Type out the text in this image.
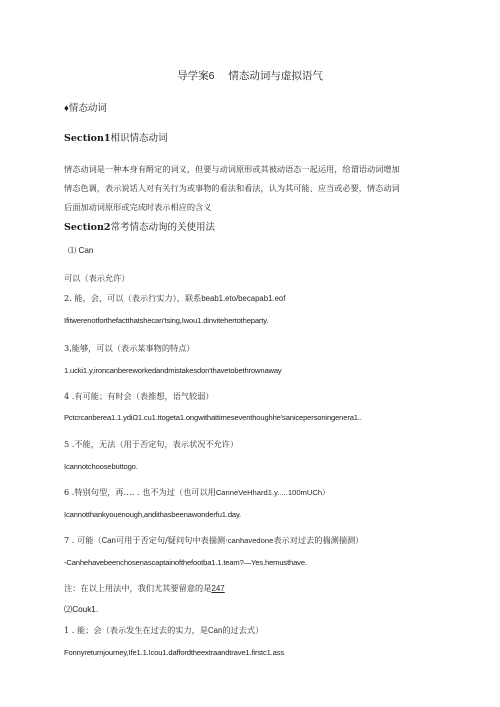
导学案6 情态动词与虚拟语气
♦情态动词
Section1相识情态动词
情态动词是一种本身有酹定的词义，但要与动词原形或其被动语态一起运用，给谓语动词增加
情态色调，表示说话人对有关行为或事物的看法和看法，认为其可能、应当或必要，情态动词
后面加动词原形或完成时表示相应的含义
Section2常考情态动询的关使用法
⑴ Can
可以（表示允许）
2. 能，会，可以（表示行实力），联系beab1.eto/becapab1.eof
Ifitwerenotforthefactthatshecan'tsing,Iwou1.dinvitehertotheparty.
3,能够，可以（表示某事物的特点）
1.ucki1.y,ironcanbereworkedandmistakesdon'thavetobethrownaway
4 .有可能；有时会（表推想，语气较弱）
Pctcrcanberea1.1.ydiΩ1.cu1.ttogeta1.ongwithattimeseventhoughhe'sanicepersoningenera1..
5 .不能，无法（用于否定句，表示状况不允许）
Icannotchoosebuttogo.
6 .特别句型，再…. . 也不为过（也可以用CanneVeHhard1.y.....100mUCh）
Icannotthankyouenough,andithasbeenawonderfu1.day.
7 . 可能（Can可用于否定句/疑问句中表揣测·canhavedone表示对过去的揣测揣测）
-Canhehavebeenchosenascaptainofthefootba1.1.team?—Yes.hemusthave.
注：在以上用法中，我们尤其要留意的是247
⑵Couk1.
1 . 能；会（表示发生在过去的实力，是Can的过去式）
Fonnyreturnjourney,Ife1.1.Icou1.daffordtheextraandtrave1.firstc1.ass
